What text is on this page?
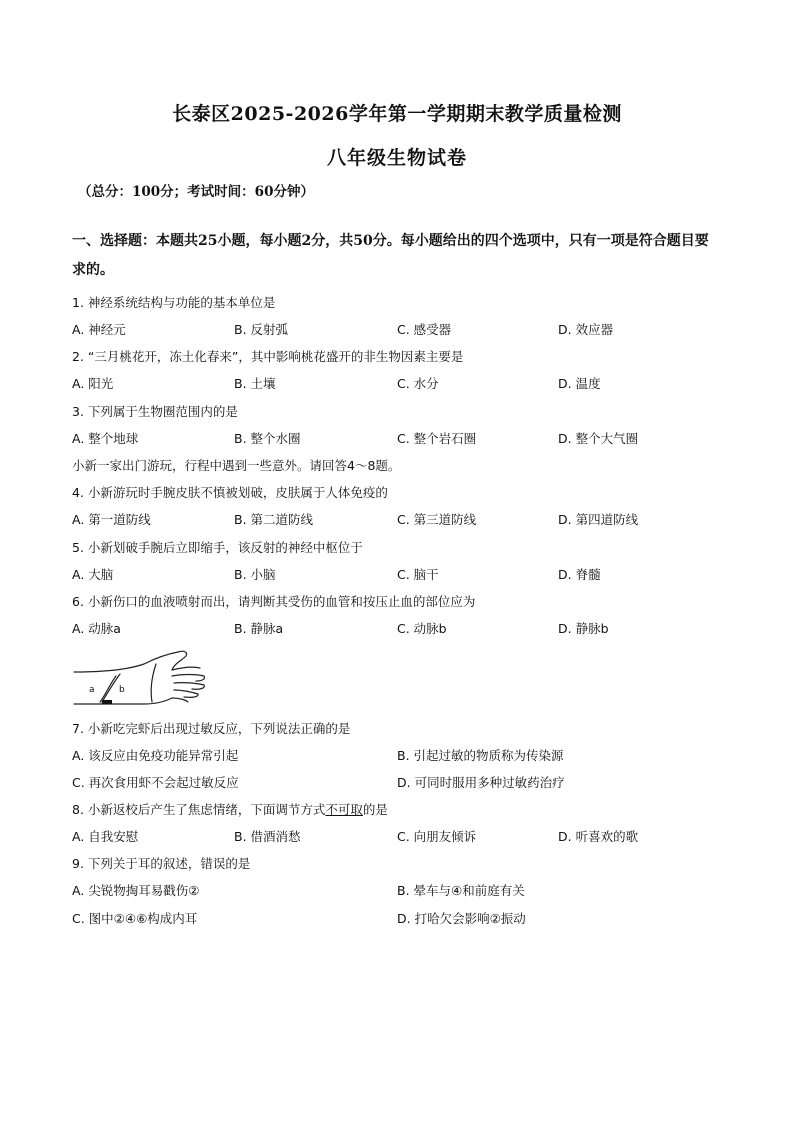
长泰区2025-2026学年第一学期期末教学质量检测
八年级生物试卷
（总分：100分；考试时间：60分钟）
一、选择题：本题共25小题，每小题2分，共50分。每小题给出的四个选项中，只有一项是符合题目要求的。
1. 神经系统结构与功能的基本单位是
A. 神经元	B. 反射弧	C. 感受器	D. 效应器
2. “三月桃花开，冻土化春来”，其中影响桃花盛开的非生物因素主要是
A. 阳光	B. 土壤	C. 水分	D. 温度
3. 下列属于生物圈范围内的是
A. 整个地球	B. 整个水圈	C. 整个岩石圈	D. 整个大气圈
小新一家出门游玩，行程中遇到一些意外。请回答4～8题。
4. 小新游玩时手腕皮肤不慎被划破，皮肤属于人体免疫的
A. 第一道防线	B. 第二道防线	C. 第三道防线	D. 第四道防线
5. 小新划破手腕后立即缩手，该反射的神经中枢位于
A. 大脑	B. 小脑	C. 脑干	D. 脊髓
6. 小新伤口的血液喷射而出，请判断其受伤的血管和按压止血的部位应为
A. 动脉a	B. 静脉a	C. 动脉b	D. 静脉b
a	b
7. 小新吃完虾后出现过敏反应，下列说法正确的是
A. 该反应由免疫功能异常引起	B. 引起过敏的物质称为传染源
C. 再次食用虾不会起过敏反应	D. 可同时服用多种过敏药治疗
8. 小新返校后产生了焦虑情绪，下面调节方式不可取的是
A. 自我安慰	B. 借酒消愁	C. 向朋友倾诉	D. 听喜欢的歌
9. 下列关于耳的叙述，错误的是
A. 尖锐物掏耳易戳伤②	B. 晕车与④和前庭有关
C. 图中②④⑥构成内耳	D. 打哈欠会影响②振动
